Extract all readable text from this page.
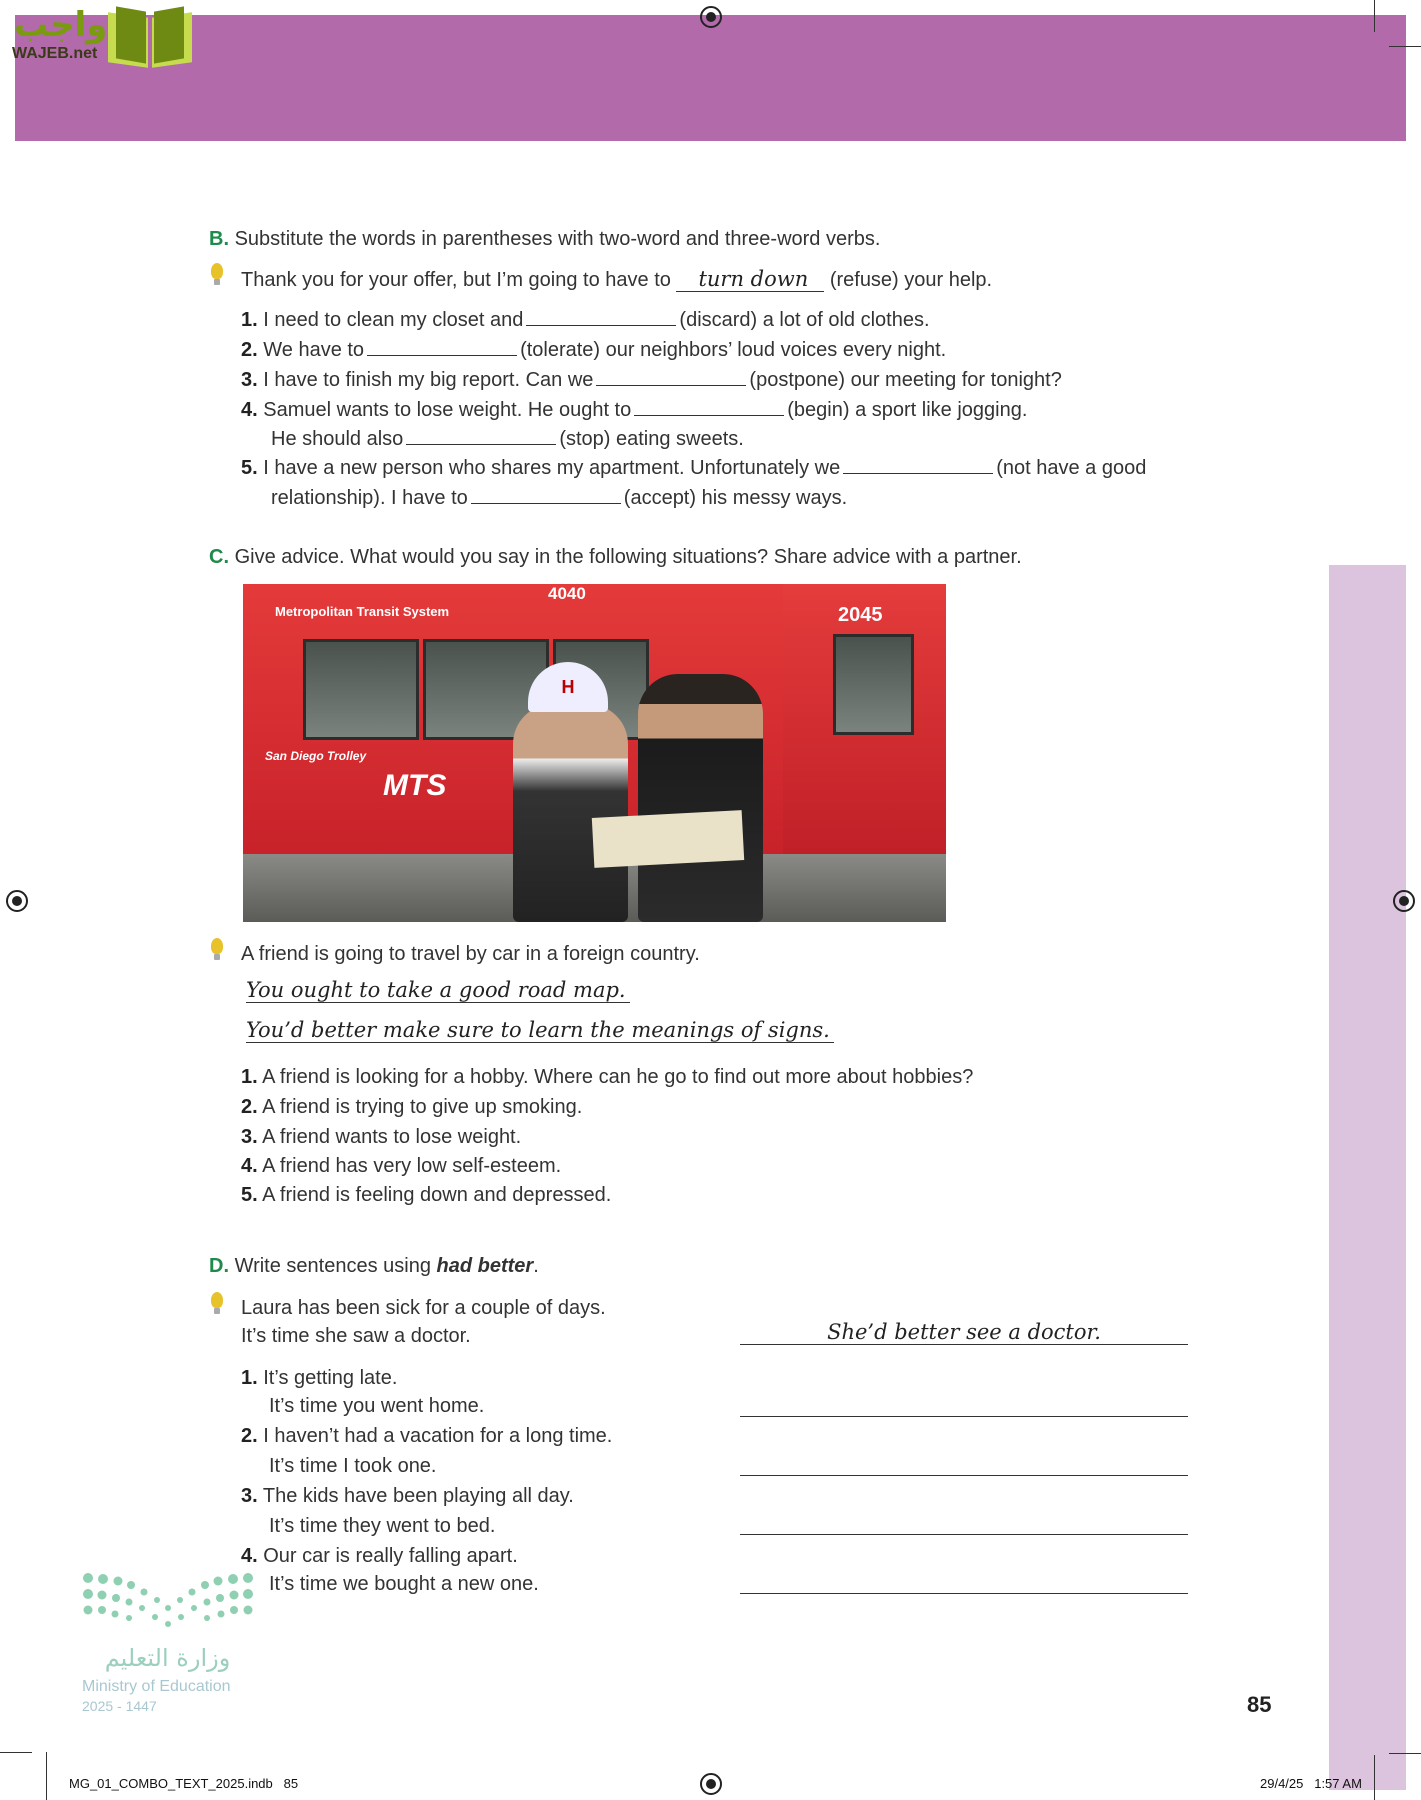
واجب
WAJEB.net
B. Substitute the words in parentheses with two-word and three-word verbs.
Thank you for your offer, but I’m going to have to turn down (refuse) your help.
1. I need to clean my closet and	(discard) a lot of old clothes.
2. We have to	(tolerate) our neighbors’ loud voices every night.
3. I have to finish my big report. Can we	(postpone) our meeting for tonight?
4. Samuel wants to lose weight. He ought to	(begin) a sport like jogging.
He should also	(stop) eating sweets.
5. I have a new person who shares my apartment. Unfortunately we	(not have a good
relationship). I have to	(accept) his messy ways.
C. Give advice. What would you say in the following situations? Share advice with a partner.
Metropolitan Transit System
4040
San Diego Trolley
MTS
2045
H
A friend is going to travel by car in a foreign country.
You ought to take a good road map.
You’d better make sure to learn the meanings of signs.
1. A friend is looking for a hobby. Where can he go to find out more about hobbies?
2. A friend is trying to give up smoking.
3. A friend wants to lose weight.
4. A friend has very low self-esteem.
5. A friend is feeling down and depressed.
D. Write sentences using had better.
Laura has been sick for a couple of days.
It’s time she saw a doctor.	She’d better see a doctor.
1. It’s getting late.
It’s time you went home.
2. I haven’t had a vacation for a long time.
It’s time I took one.
3. The kids have been playing all day.
It’s time they went to bed.
4. Our car is really falling apart.
It’s time we bought a new one.
وزارة التعليم
Ministry of Education
2025 - 1447	85
MG_01_COMBO_TEXT_2025.indb   85	29/4/25   1:57 AM
